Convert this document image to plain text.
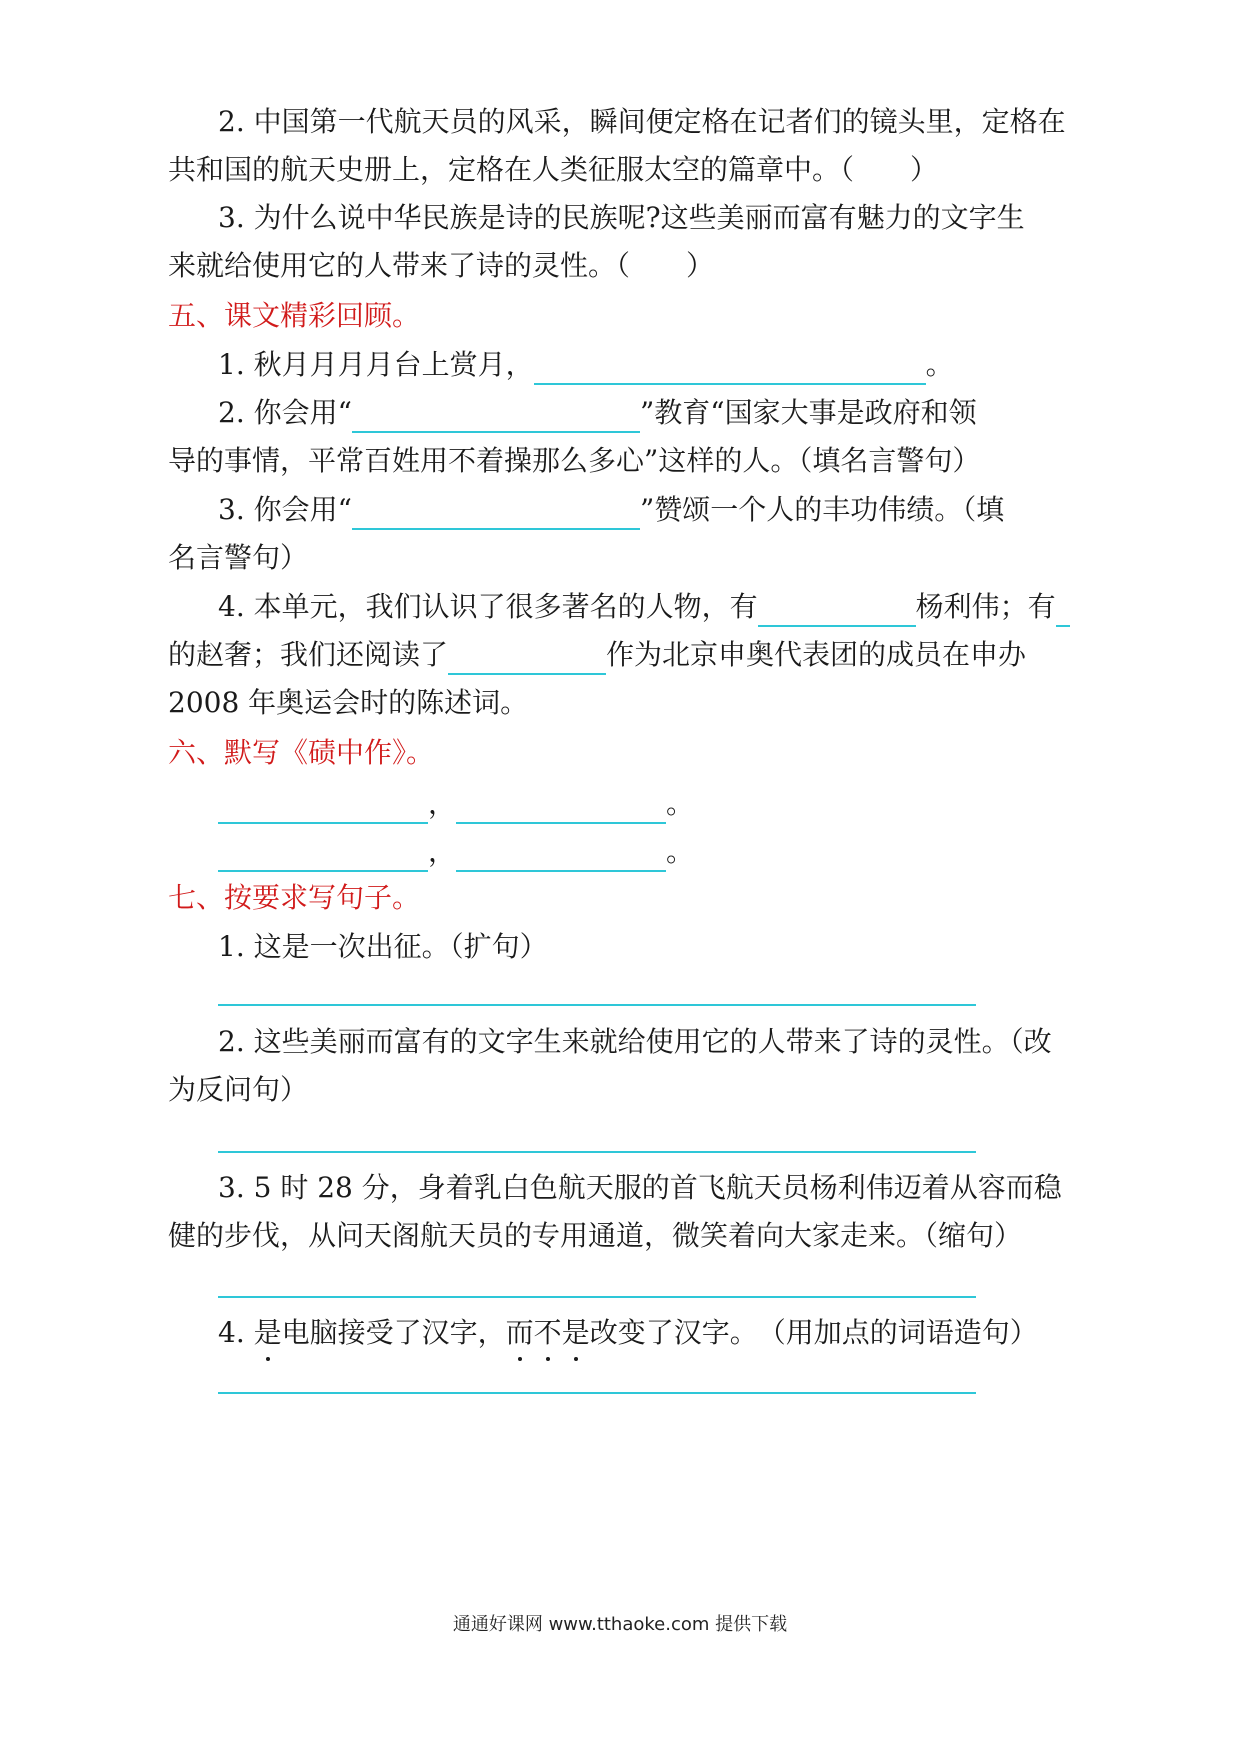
2. 中国第一代航天员的风采，瞬间便定格在记者们的镜头里，定格在
共和国的航天史册上，定格在人类征服太空的篇章中。（　　）
3. 为什么说中华民族是诗的民族呢?这些美丽而富有魅力的文字生
来就给使用它的人带来了诗的灵性。（　　）
五、课文精彩回顾。
1. 秋月月月月台上赏月，	。
2. 你会用“	”教育“国家大事是政府和领
导的事情，平常百姓用不着操那么多心”这样的人。（填名言警句）
3. 你会用“	”赞颂一个人的丰功伟绩。（填
名言警句）
4. 本单元，我们认识了很多著名的人物，有	杨利伟；有
的赵奢；我们还阅读了	作为北京申奥代表团的成员在申办
2008 年奥运会时的陈述词。
六、默写《碛中作》。
，	。
，	。
七、按要求写句子。
1. 这是一次出征。（扩句）
2. 这些美丽而富有的文字生来就给使用它的人带来了诗的灵性。（改
为反问句）
3. 5 时 28 分，身着乳白色航天服的首飞航天员杨利伟迈着从容而稳
健的步伐，从问天阁航天员的专用通道，微笑着向大家走来。（缩句）
4. 是电脑接受了汉字，而不是改变了汉字。　（用加点的词语造句）
通通好课网 www.tthaoke.com 提供下载
